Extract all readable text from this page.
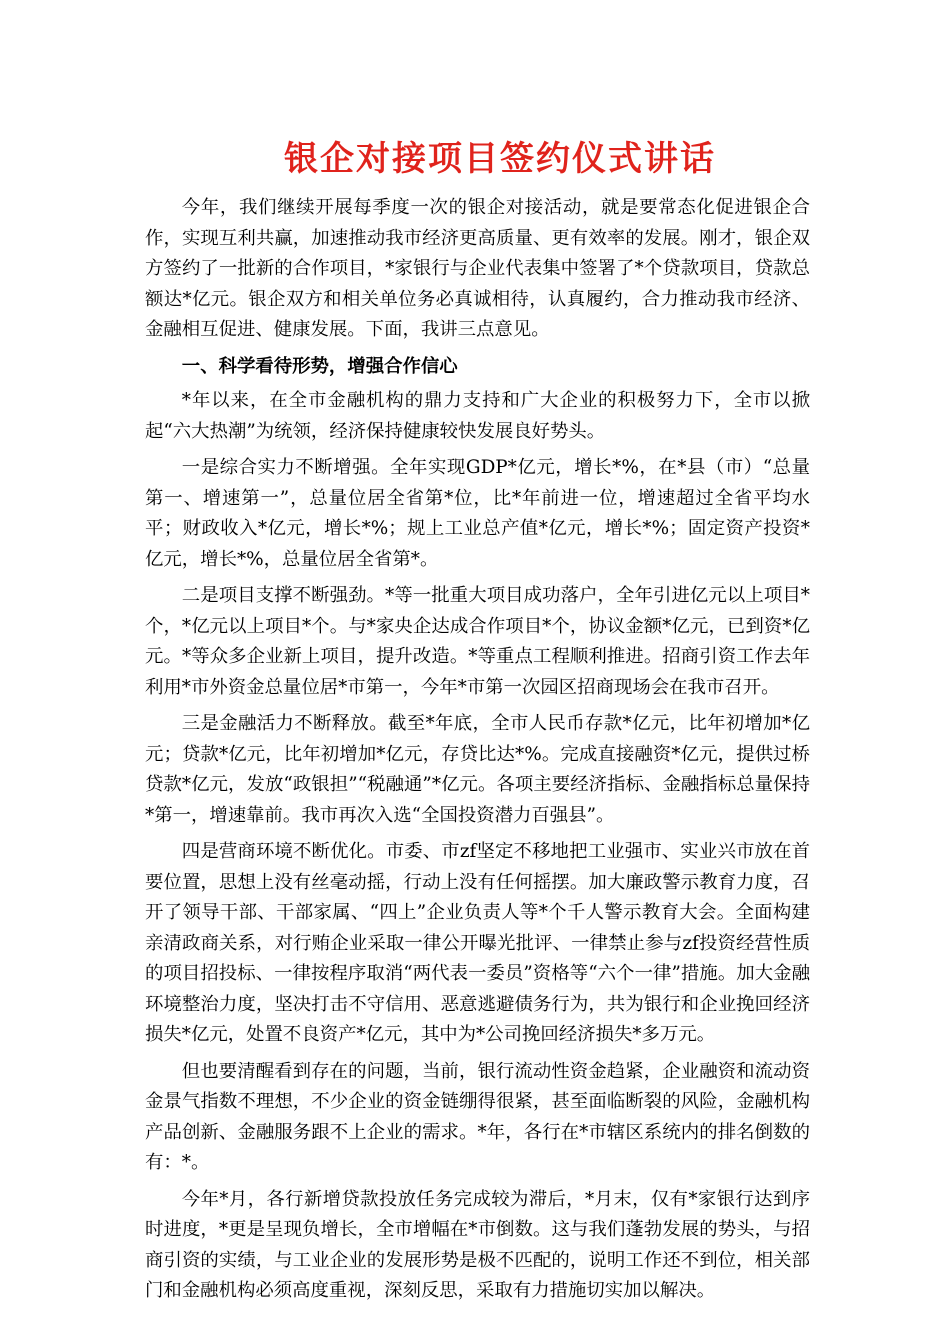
银企对接项目签约仪式讲话
今年，我们继续开展每季度一次的银企对接活动，就是要常态化促进银企合作，实现互利共赢，加速推动我市经济更高质量、更有效率的发展。刚才，银企双方签约了一批新的合作项目，*家银行与企业代表集中签署了*个贷款项目，贷款总额达*亿元。银企双方和相关单位务必真诚相待，认真履约，合力推动我市经济、金融相互促进、健康发展。下面，我讲三点意见。
一、科学看待形势，增强合作信心
*年以来，在全市金融机构的鼎力支持和广大企业的积极努力下，全市以掀起“六大热潮”为统领，经济保持健康较快发展良好势头。
一是综合实力不断增强。全年实现GDP*亿元，增长*%，在*县（市）“总量第一、增速第一”，总量位居全省第*位，比*年前进一位，增速超过全省平均水平；财政收入*亿元，增长*%；规上工业总产值*亿元，增长*%；固定资产投资*亿元，增长*%，总量位居全省第*。
二是项目支撑不断强劲。*等一批重大项目成功落户，全年引进亿元以上项目*个，*亿元以上项目*个。与*家央企达成合作项目*个，协议金额*亿元，已到资*亿元。*等众多企业新上项目，提升改造。*等重点工程顺利推进。招商引资工作去年利用*市外资金总量位居*市第一，今年*市第一次园区招商现场会在我市召开。
三是金融活力不断释放。截至*年底，全市人民币存款*亿元，比年初增加*亿元；贷款*亿元，比年初增加*亿元，存贷比达*%。完成直接融资*亿元，提供过桥贷款*亿元，发放“政银担”“税融通”*亿元。各项主要经济指标、金融指标总量保持*第一，增速靠前。我市再次入选“全国投资潜力百强县”。
四是营商环境不断优化。市委、市zf坚定不移地把工业强市、实业兴市放在首要位置，思想上没有丝毫动摇，行动上没有任何摇摆。加大廉政警示教育力度，召开了领导干部、干部家属、“四上”企业负责人等*个千人警示教育大会。全面构建亲清政商关系，对行贿企业采取一律公开曝光批评、一律禁止参与zf投资经营性质的项目招投标、一律按程序取消“两代表一委员”资格等“六个一律”措施。加大金融环境整治力度，坚决打击不守信用、恶意逃避债务行为，共为银行和企业挽回经济损失*亿元，处置不良资产*亿元，其中为*公司挽回经济损失*多万元。
但也要清醒看到存在的问题，当前，银行流动性资金趋紧，企业融资和流动资金景气指数不理想，不少企业的资金链绷得很紧，甚至面临断裂的风险，金融机构产品创新、金融服务跟不上企业的需求。*年，各行在*市辖区系统内的排名倒数的有：*。
今年*月，各行新增贷款投放任务完成较为滞后，*月末，仅有*家银行达到序时进度，*更是呈现负增长，全市增幅在*市倒数。这与我们蓬勃发展的势头，与招商引资的实绩，与工业企业的发展形势是极不匹配的，说明工作还不到位，相关部门和金融机构必须高度重视，深刻反思，采取有力措施切实加以解决。
